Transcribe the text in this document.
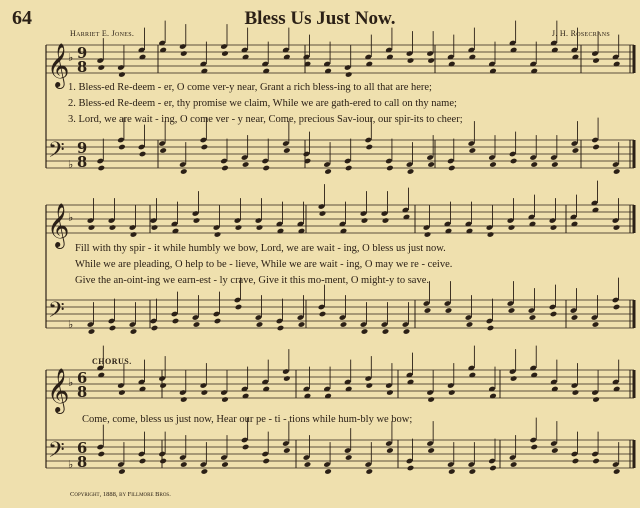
64	Bless Us Just Now.
Harriet E. Jones.	J. H. Rosecrans
𝄞
𝄢
♭
♭
9
8
9
8
𝄞
𝄢
♭
♭
𝄞
𝄢
♭
♭
6
8
6
8
1. Bless-ed Re-deem - er, O come ver-y near, Grant a rich bless-ing to all that are here;
2. Bless-ed Re-deem - er, thy promise we claim, While we are gath-ered to call on thy name;
3. Lord, we are wait - ing, O come ver - y near, Come, precious Sav-iour, our spir-its to cheer;
Fill with thy spir - it while humbly we bow, Lord, we are wait - ing, O bless us just now.
While we are pleading, O help to be - lieve, While we are wait - ing, O may we re - ceive.
Give the an-oint-ing we earn-est - ly crave, Give it this mo-ment, O might-y to save.
CHORUS.
Come, come, bless us just now, Hear our pe - ti - tions while hum-bly we bow;
Copyright, 1888, by Fillmore Bros.
